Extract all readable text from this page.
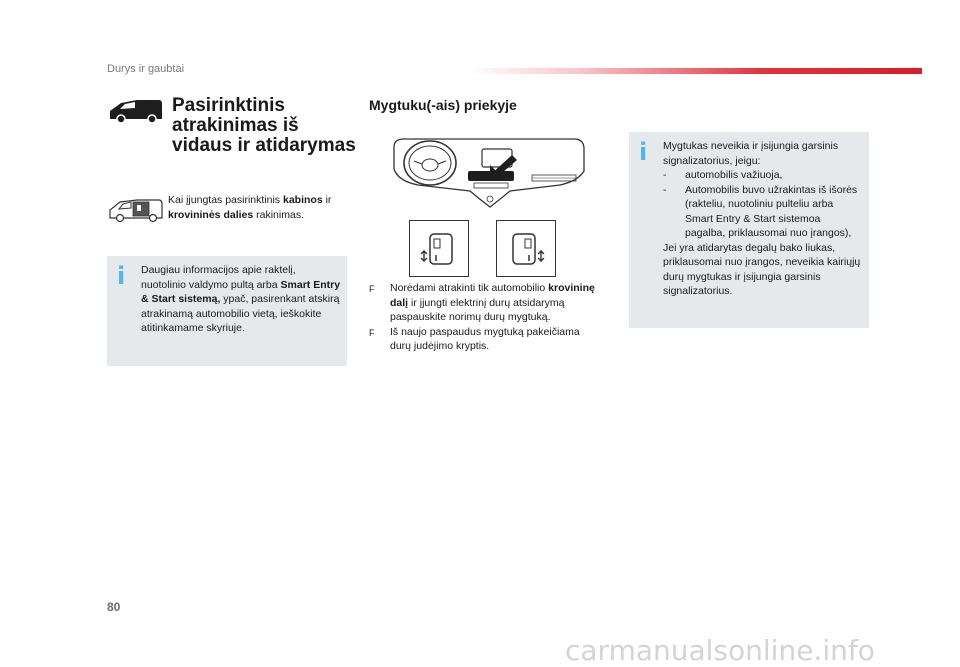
Durys ir gaubtai
Pasirinktinis atrakinimas iš vidaus ir atidarymas
Kai įjungtas pasirinktinis kabinos ir krovininės dalies rakinimas.
i Daugiau informacijos apie raktelį, nuotolinio valdymo pultą arba Smart Entry & Start sistemą, ypač, pasirenkant atskirą atrakinamą automobilio vietą, ieškokite atitinkamame skyriuje.
Mygtuku(-ais) priekyje
F	Norėdami atrakinti tik automobilio krovininę dalį ir įjungti elektrinį durų atsidarymą paspauskite norimų durų mygtuką.
F	Iš naujo paspaudus mygtuką pakeičiama durų judėjimo kryptis.
i Mygtukas neveikia ir įsijungia garsinis signalizatorius, jeigu:
-	automobilis važiuoja,
-	Automobilis buvo užrakintas iš išorės (rakteliu, nuotoliniu pulteliu arba Smart Entry & Start sistemoa pagalba, priklausomai nuo įrangos),
Jei yra atidarytas degalų bako liukas, priklausomai nuo įrangos, neveikia kairiųjų durų mygtukas ir įsijungia garsinis signalizatorius.
80
carmanualsonline.info
